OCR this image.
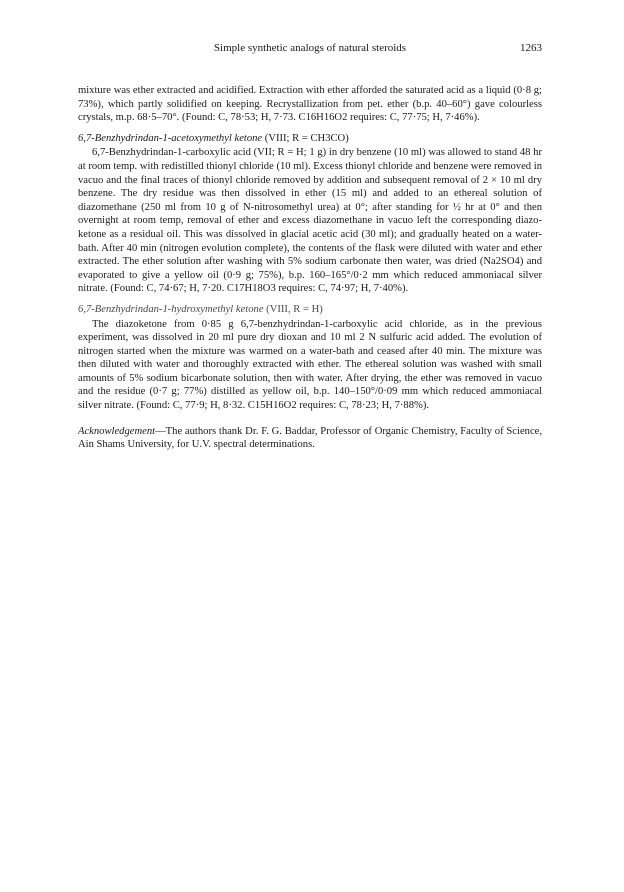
Simple synthetic analogs of natural steroids	1263

mixture was ether extracted and acidified. Extraction with ether afforded the saturated acid as a liquid (0·8 g; 73%), which partly solidified on keeping. Recrystallization from pet. ether (b.p. 40–60°) gave colourless crystals, m.p. 68·5–70°. (Found: C, 78·53; H, 7·73. C16H16O2 requires: C, 77·75; H, 7·46%).

6,7-Benzhydrindan-1-acetoxymethyl ketone (VIII; R = CH3CO)

6,7-Benzhydrindan-1-carboxylic acid (VII; R = H; 1 g) in dry benzene (10 ml) was allowed to stand 48 hr at room temp. with redistilled thionyl chloride (10 ml). Excess thionyl chloride and benzene were removed in vacuo and the final traces of thionyl chloride removed by addition and subsequent removal of 2 × 10 ml dry benzene. The dry residue was then dissolved in ether (15 ml) and added to an ethereal solution of diazomethane (250 ml from 10 g of N-nitrosomethyl urea) at 0°; after standing for ½ hr at 0° and then overnight at room temp, removal of ether and excess diazomethane in vacuo left the corresponding diazo-ketone as a residual oil. This was dissolved in glacial acetic acid (30 ml); and gradually heated on a water-bath. After 40 min (nitrogen evolution complete), the contents of the flask were diluted with water and ether extracted. The ether solution after washing with 5% sodium carbonate then water, was dried (Na2SO4) and evaporated to give a yellow oil (0·9 g; 75%), b.p. 160–165°/0·2 mm which reduced ammoniacal silver nitrate. (Found: C, 74·67; H, 7·20. C17H18O3 requires: C, 74·97; H, 7·40%).

6,7-Benzhydrindan-1-hydroxymethyl ketone (VIII, R = H)

The diazoketone from 0·85 g 6,7-benzhydrindan-1-carboxylic acid chloride, as in the previous experiment, was dissolved in 20 ml pure dry dioxan and 10 ml 2 N sulfuric acid added. The evolution of nitrogen started when the mixture was warmed on a water-bath and ceased after 40 min. The mixture was then diluted with water and thoroughly extracted with ether. The ethereal solution was washed with small amounts of 5% sodium bicarbonate solution, then with water. After drying, the ether was removed in vacuo and the residue (0·7 g; 77%) distilled as yellow oil, b.p. 140–150°/0·09 mm which reduced ammoniacal silver nitrate. (Found: C, 77·9; H, 8·32. C15H16O2 requires: C, 78·23; H, 7·88%).

Acknowledgement—The authors thank Dr. F. G. Baddar, Professor of Organic Chemistry, Faculty of Science, Ain Shams University, for U.V. spectral determinations.
